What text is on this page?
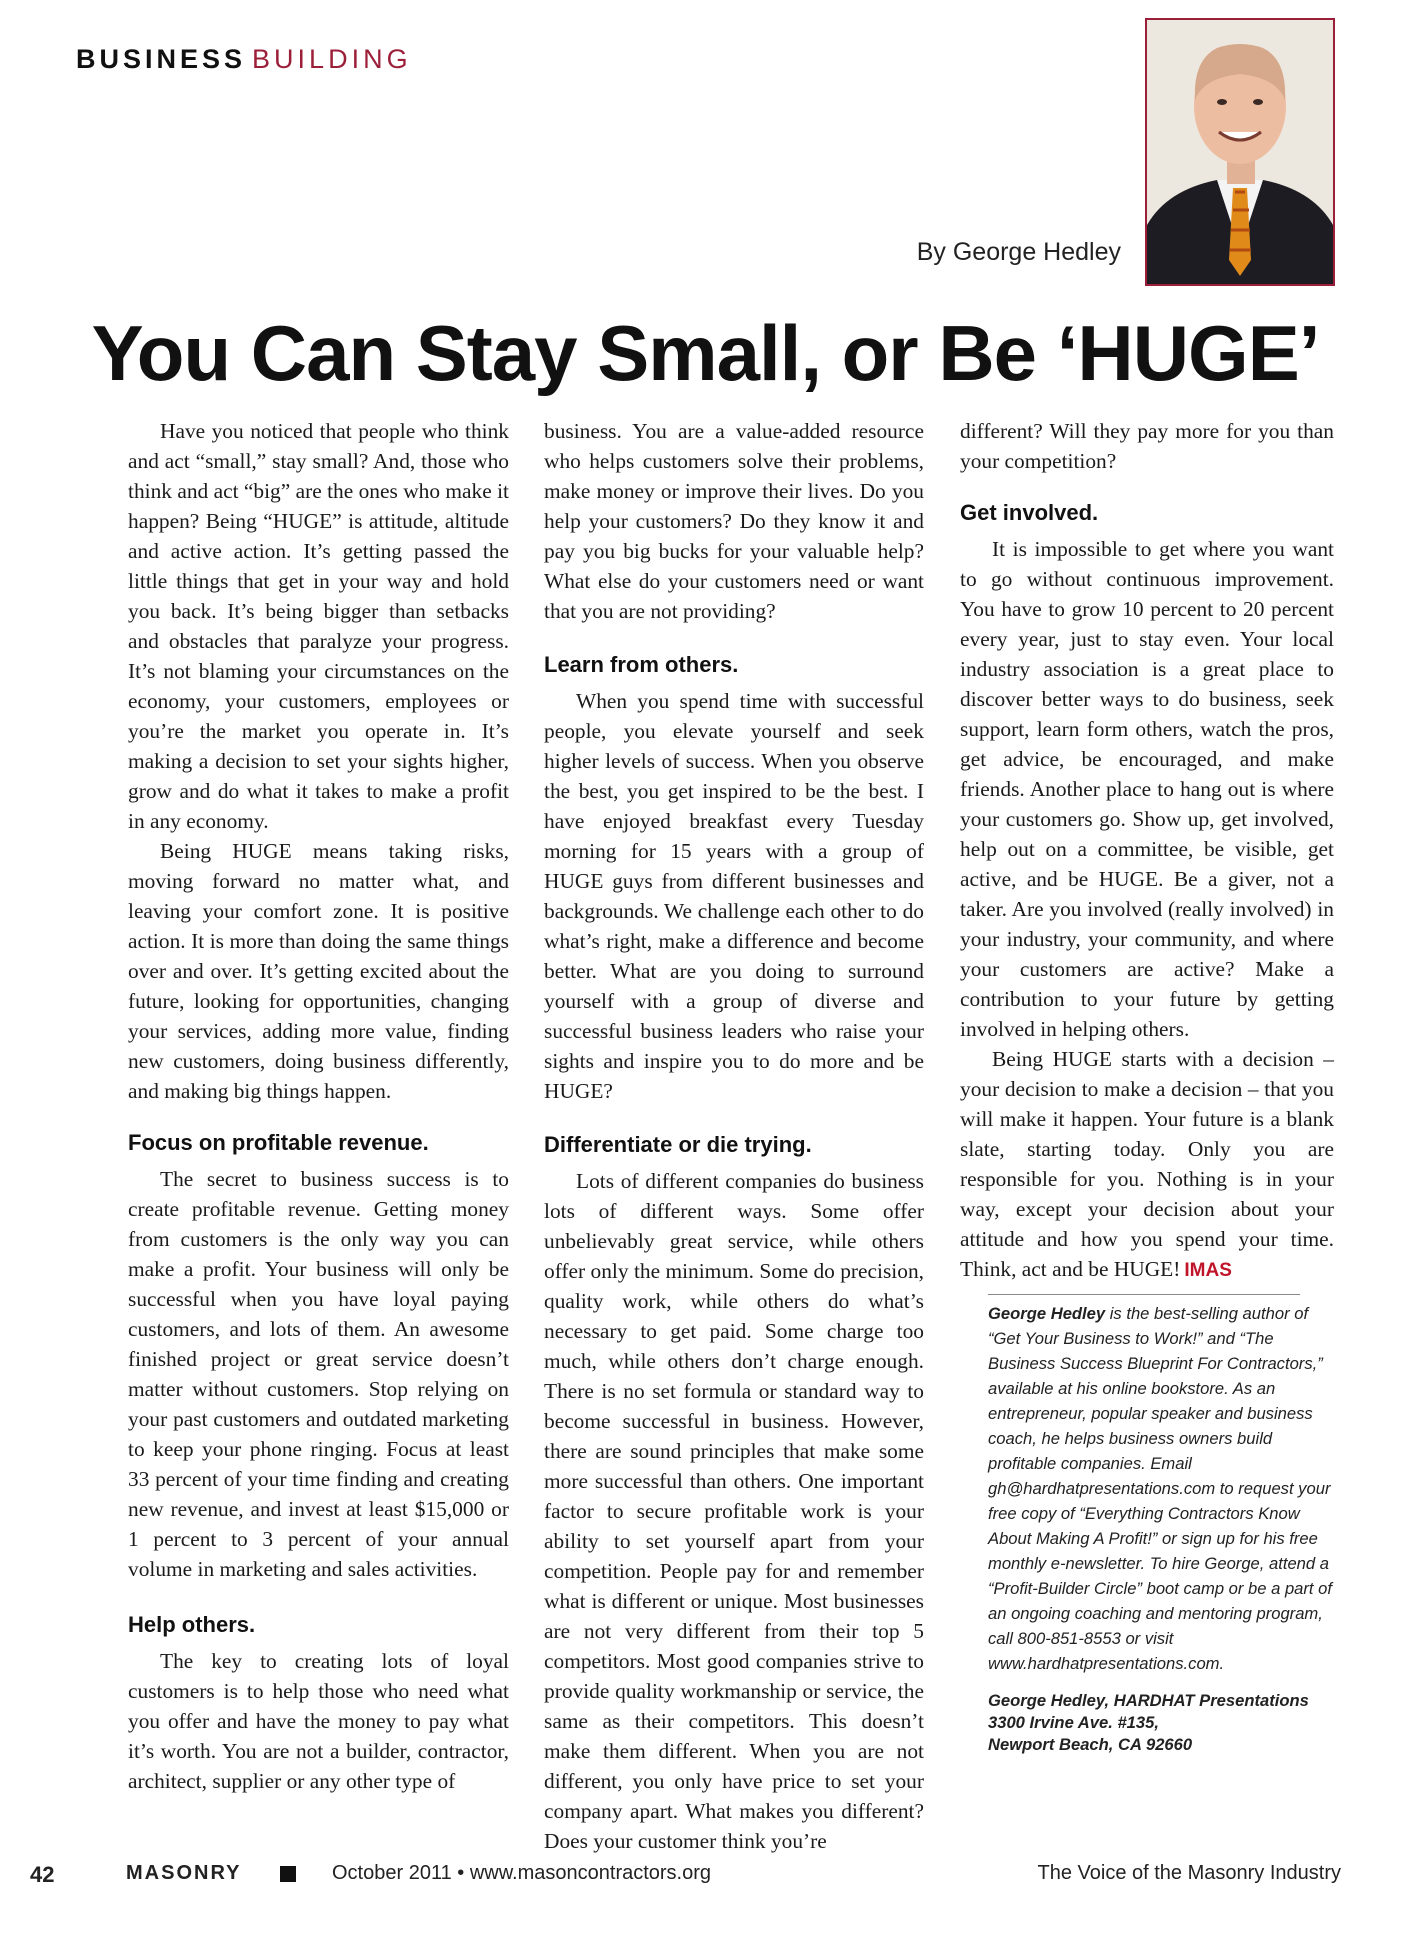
BUSINESS BUILDING
By George Hedley
You Can Stay Small, or Be ‘HUGE’

Have you noticed that people who think and act “small,” stay small? And, those who think and act “big” are the ones who make it happen? Being “HUGE” is attitude, altitude and active action. It’s getting passed the little things that get in your way and hold you back. It’s being bigger than setbacks and obstacles that paralyze your progress. It’s not blaming your circumstances on the economy, your customers, employees or you’re the market you operate in. It’s making a decision to set your sights higher, grow and do what it takes to make a profit in any economy.

Being HUGE means taking risks, moving forward no matter what, and leaving your comfort zone. It is positive action. It is more than doing the same things over and over. It’s getting excited about the future, looking for opportunities, changing your services, adding more value, finding new customers, doing business differently, and making big things happen.

Focus on profitable revenue.

The secret to business success is to create profitable revenue. Getting money from customers is the only way you can make a profit. Your business will only be successful when you have loyal paying customers, and lots of them. An awesome finished project or great service doesn’t matter without customers. Stop relying on your past customers and outdated marketing to keep your phone ringing. Focus at least 33 percent of your time finding and creating new revenue, and invest at least $15,000 or 1 percent to 3 percent of your annual volume in marketing and sales activities.

Help others.

The key to creating lots of loyal customers is to help those who need what you offer and have the money to pay what it’s worth. You are not a builder, contractor, architect, supplier or any other type of

business. You are a value-added resource who helps customers solve their problems, make money or improve their lives. Do you help your customers? Do they know it and pay you big bucks for your valuable help? What else do your customers need or want that you are not providing?

Learn from others.

When you spend time with successful people, you elevate yourself and seek higher levels of success. When you observe the best, you get inspired to be the best. I have enjoyed breakfast every Tuesday morning for 15 years with a group of HUGE guys from different businesses and backgrounds. We challenge each other to do what’s right, make a difference and become better. What are you doing to surround yourself with a group of diverse and successful business leaders who raise your sights and inspire you to do more and be HUGE?

Differentiate or die trying.

Lots of different companies do business lots of different ways. Some offer unbelievably great service, while others offer only the minimum. Some do precision, quality work, while others do what’s necessary to get paid. Some charge too much, while others don’t charge enough. There is no set formula or standard way to become successful in business. However, there are sound principles that make some more successful than others. One important factor to secure profitable work is your ability to set yourself apart from your competition. People pay for and remember what is different or unique. Most businesses are not very different from their top 5 competitors. Most good companies strive to provide quality workmanship or service, the same as their competitors. This doesn’t make them different. When you are not different, you only have price to set your company apart. What makes you different? Does your customer think you’re

different? Will they pay more for you than your competition?

Get involved.

It is impossible to get where you want to go without continuous improvement. You have to grow 10 percent to 20 percent every year, just to stay even. Your local industry association is a great place to discover better ways to do business, seek support, learn form others, watch the pros, get advice, be encouraged, and make friends. Another place to hang out is where your customers go. Show up, get involved, help out on a committee, be visible, get active, and be HUGE. Be a giver, not a taker. Are you involved (really involved) in your industry, your community, and where your customers are active? Make a contribution to your future by getting involved in helping others.

Being HUGE starts with a decision – your decision to make a decision – that you will make it happen. Your future is a blank slate, starting today. Only you are responsible for you. Nothing is in your way, except your decision about your attitude and how you spend your time. Think, act and be HUGE! IMAS

George Hedley is the best-selling author of “Get Your Business to Work!” and “The Business Success Blueprint For Contractors,” available at his online bookstore. As an entrepreneur, popular speaker and business coach, he helps business owners build profitable companies. Email gh@hardhatpresentations.com to request your free copy of “Everything Contractors Know About Making A Profit!” or sign up for his free monthly e-newsletter. To hire George, attend a “Profit-Builder Circle” boot camp or be a part of an ongoing coaching and mentoring program, call 800-851-8553 or visit www.hardhatpresentations.com.
George Hedley, HARDHAT Presentations
3300 Irvine Ave. #135,
Newport Beach, CA 92660
42	MASONRY	October 2011 • www.masoncontractors.org	The Voice of the Masonry Industry
